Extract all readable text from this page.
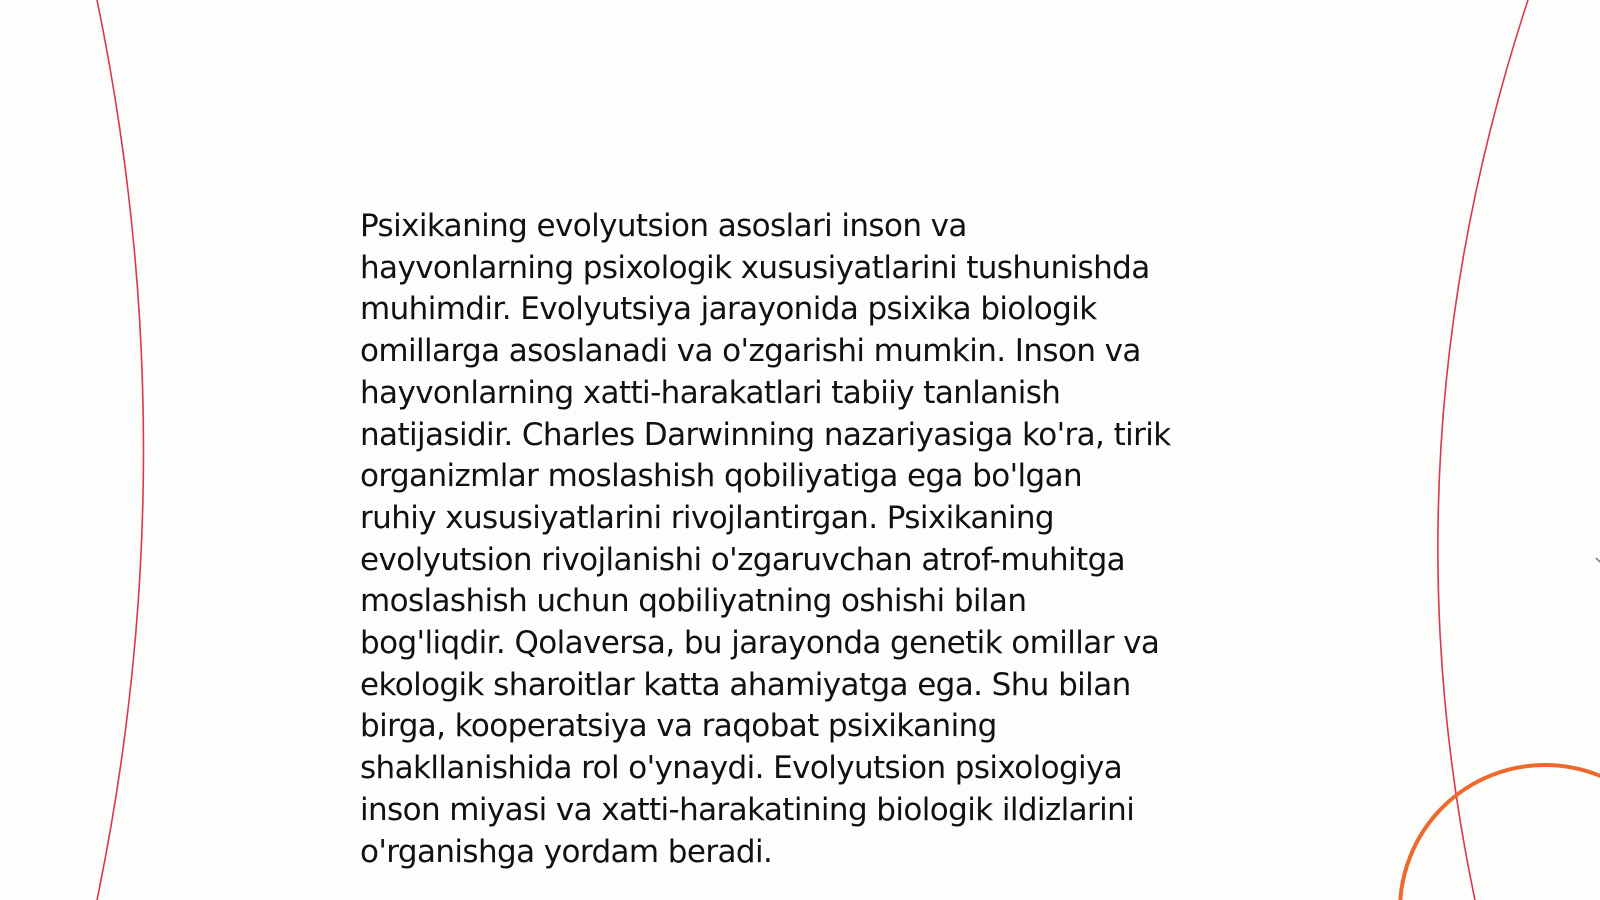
Psixikaning evolyutsion asoslari inson va
hayvonlarning psixologik xususiyatlarini tushunishda
muhimdir. Evolyutsiya jarayonida psixika biologik
omillarga asoslanadi va o'zgarishi mumkin. Inson va
hayvonlarning xatti-harakatlari tabiiy tanlanish
natijasidir. Charles Darwinning nazariyasiga ko'ra, tirik
organizmlar moslashish qobiliyatiga ega bo'lgan
ruhiy xususiyatlarini rivojlantirgan. Psixikaning
evolyutsion rivojlanishi o'zgaruvchan atrof-muhitga
moslashish uchun qobiliyatning oshishi bilan
bog'liqdir. Qolaversa, bu jarayonda genetik omillar va
ekologik sharoitlar katta ahamiyatga ega. Shu bilan
birga, kooperatsiya va raqobat psixikaning
shakllanishida rol o'ynaydi. Evolyutsion psixologiya
inson miyasi va xatti-harakatining biologik ildizlarini
o'rganishga yordam beradi.
